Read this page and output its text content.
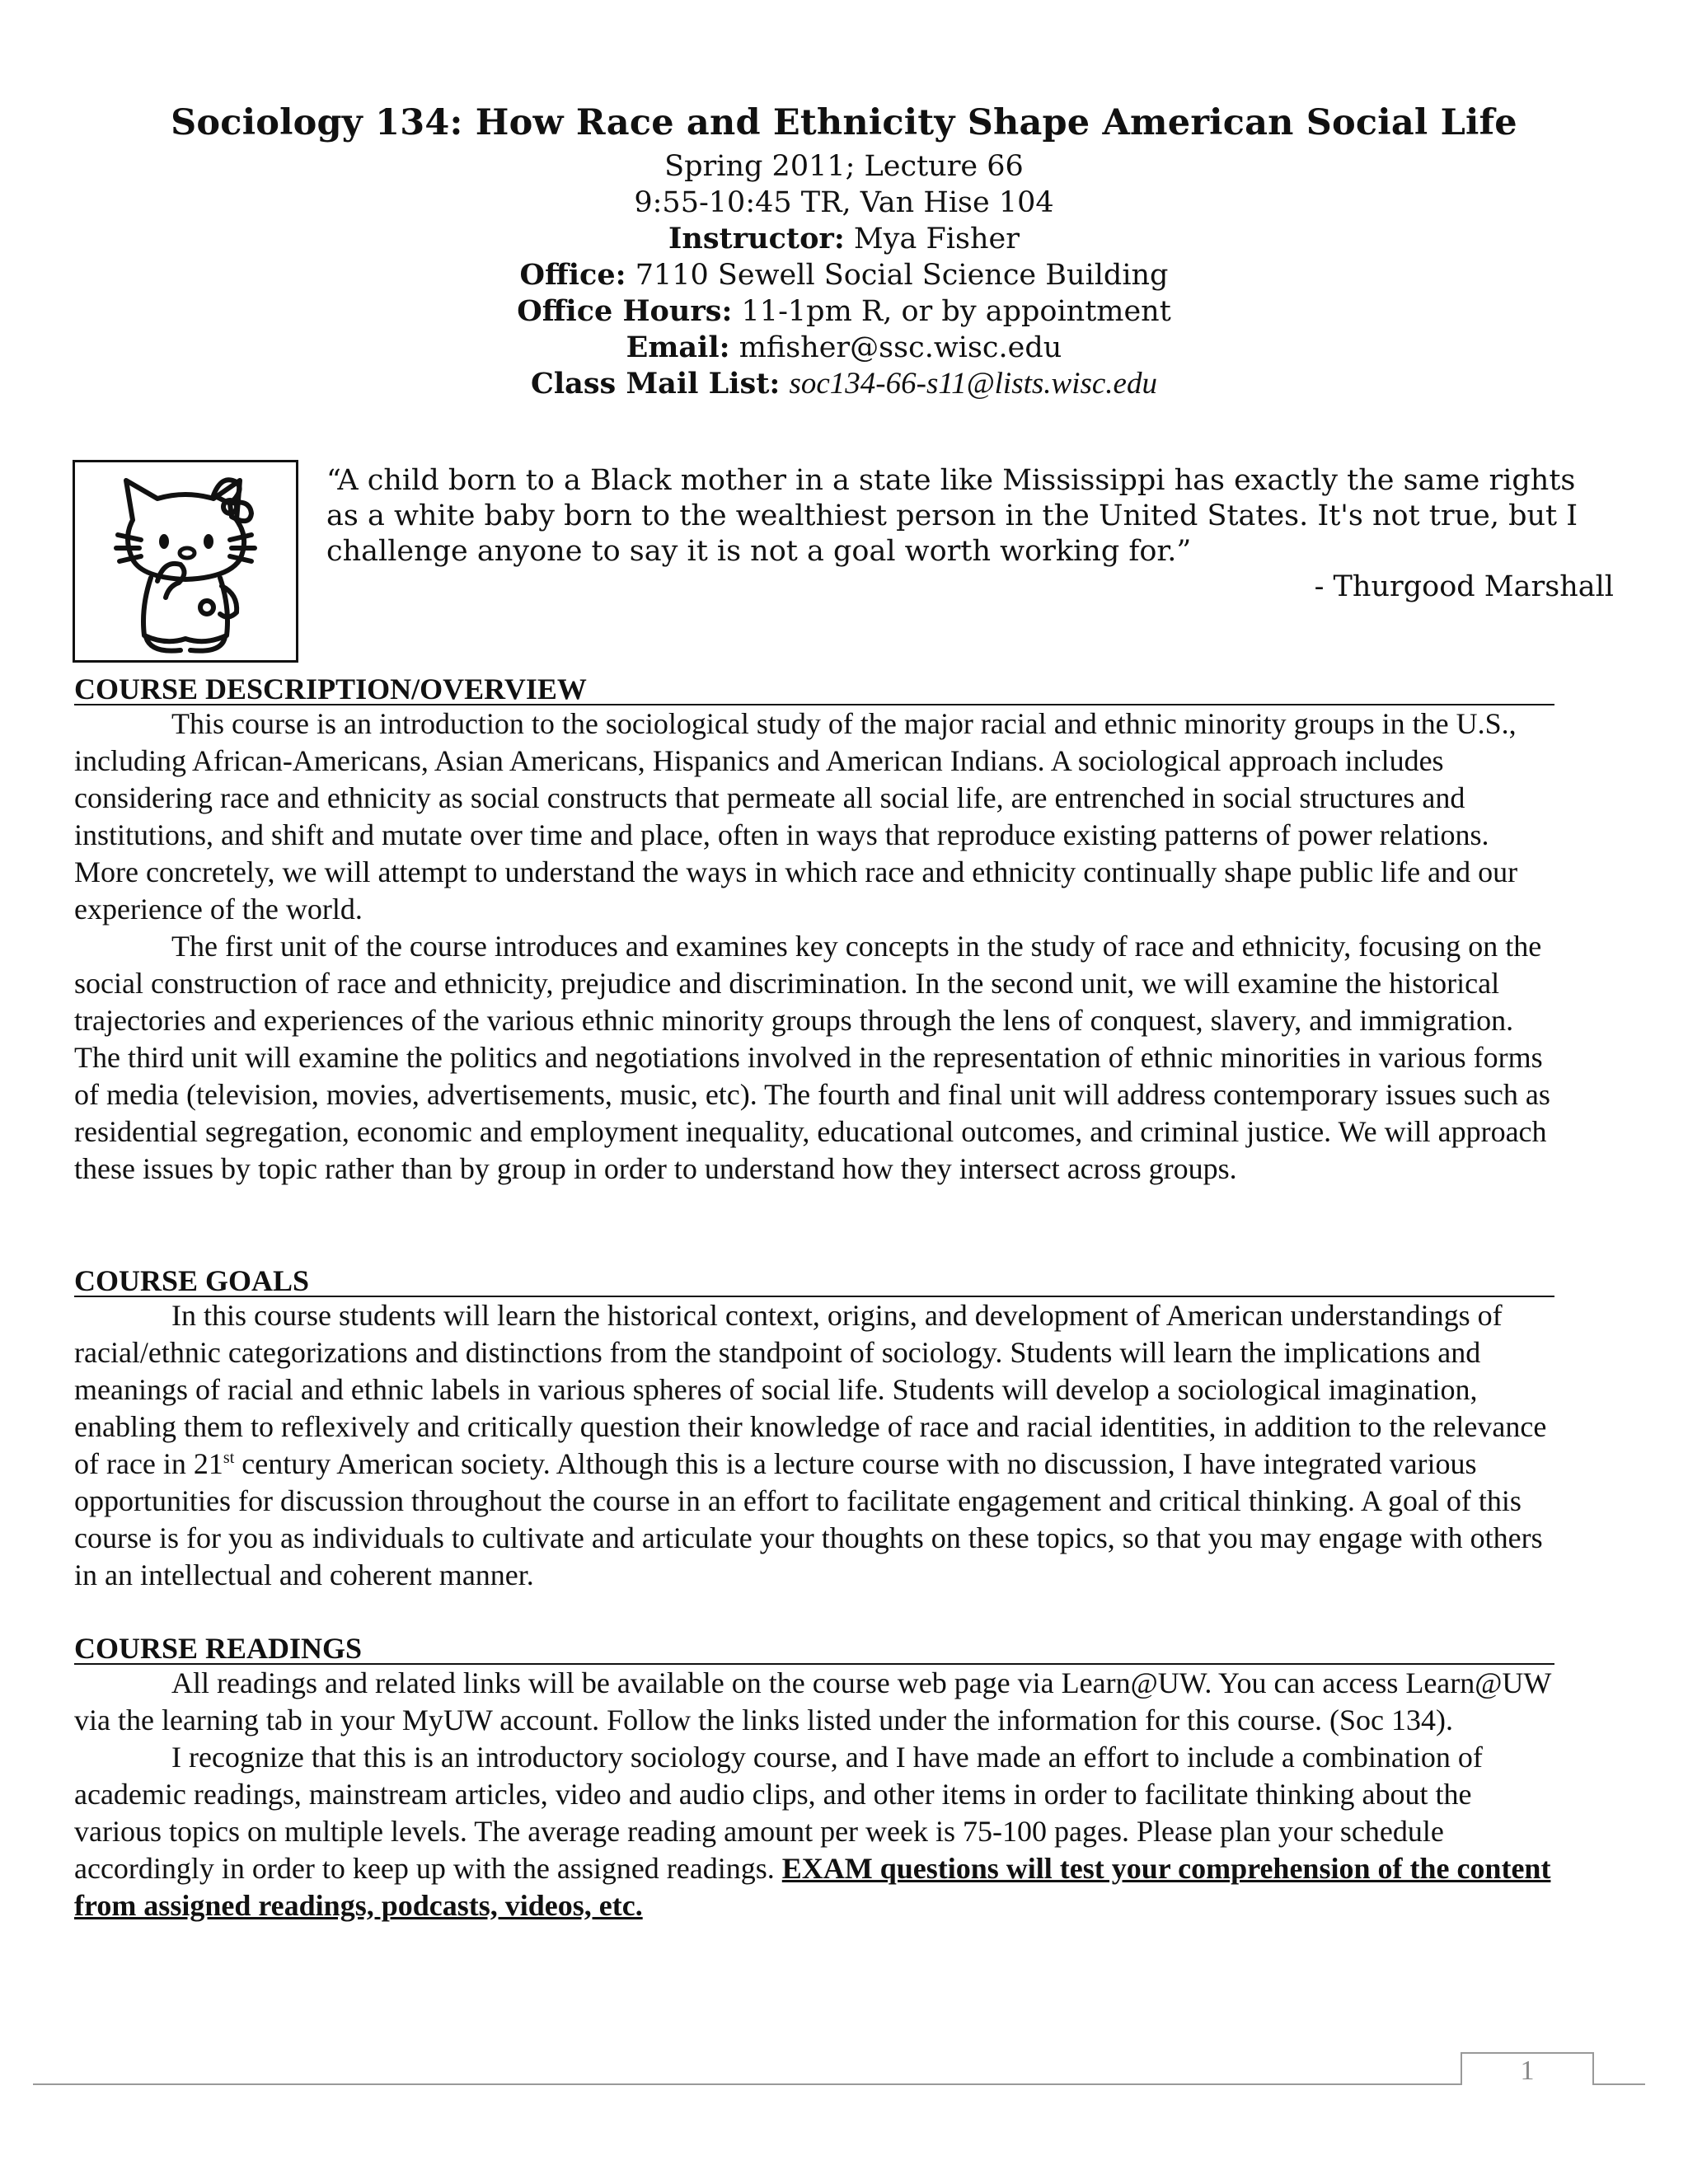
Sociology 134: How Race and Ethnicity Shape American Social Life
Spring 2011; Lecture 66
9:55-10:45 TR, Van Hise 104
Instructor: Mya Fisher
Office: 7110 Sewell Social Science Building
Office Hours: 11-1pm R, or by appointment
Email: mfisher@ssc.wisc.edu
Class Mail List: soc134-66-s11@lists.wisc.edu

“A child born to a Black mother in a state like Mississippi has exactly the same rights as a white baby born to the wealthiest person in the United States. It's not true, but I challenge anyone to say it is not a goal worth working for.”

- Thurgood Marshall
COURSE DESCRIPTION/OVERVIEW

This course is an introduction to the sociological study of the major racial and ethnic minority groups in the U.S., including African-Americans, Asian Americans, Hispanics and American Indians. A sociological approach includes considering race and ethnicity as social constructs that permeate all social life, are entrenched in social structures and institutions, and shift and mutate over time and place, often in ways that reproduce existing patterns of power relations. More concretely, we will attempt to understand the ways in which race and ethnicity continually shape public life and our experience of the world.

The first unit of the course introduces and examines key concepts in the study of race and ethnicity, focusing on the social construction of race and ethnicity, prejudice and discrimination. In the second unit, we will examine the historical trajectories and experiences of the various ethnic minority groups through the lens of conquest, slavery, and immigration. The third unit will examine the politics and negotiations involved in the representation of ethnic minorities in various forms of media (television, movies, advertisements, music, etc). The fourth and final unit will address contemporary issues such as residential segregation, economic and employment inequality, educational outcomes, and criminal justice. We will approach these issues by topic rather than by group in order to understand how they intersect across groups.

COURSE GOALS

In this course students will learn the historical context, origins, and development of American understandings of racial/ethnic categorizations and distinctions from the standpoint of sociology. Students will learn the implications and meanings of racial and ethnic labels in various spheres of social life. Students will develop a sociological imagination, enabling them to reflexively and critically question their knowledge of race and racial identities, in addition to the relevance of race in 21st century American society. Although this is a lecture course with no discussion, I have integrated various opportunities for discussion throughout the course in an effort to facilitate engagement and critical thinking. A goal of this course is for you as individuals to cultivate and articulate your thoughts on these topics, so that you may engage with others in an intellectual and coherent manner.

COURSE READINGS

All readings and related links will be available on the course web page via Learn@UW. You can access Learn@UW via the learning tab in your MyUW account. Follow the links listed under the information for this course. (Soc 134).

I recognize that this is an introductory sociology course, and I have made an effort to include a combination of academic readings, mainstream articles, video and audio clips, and other items in order to facilitate thinking about the various topics on multiple levels. The average reading amount per week is 75-100 pages. Please plan your schedule accordingly in order to keep up with the assigned readings. EXAM questions will test your comprehension of the content from assigned readings, podcasts, videos, etc.

1
